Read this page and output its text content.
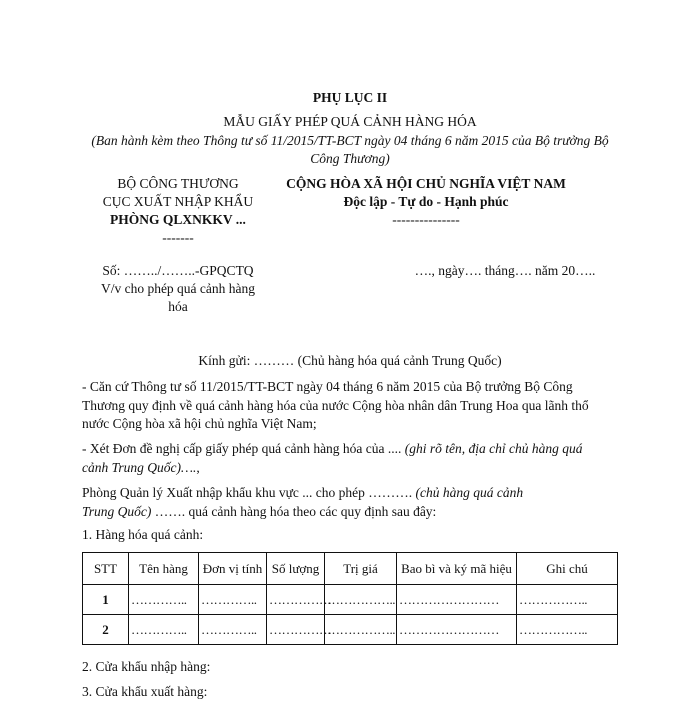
PHỤ LỤC II
MẪU GIẤY PHÉP QUÁ CẢNH HÀNG HÓA
(Ban hành kèm theo Thông tư số 11/2015/TT-BCT ngày 04 tháng 6 năm 2015 của Bộ trưởng Bộ
Công Thương)
BỘ CÔNG THƯƠNG
CỤC XUẤT NHẬP KHẨU
PHÒNG QLXNKKV ...
-------
CỘNG HÒA XÃ HỘI CHỦ NGHĨA VIỆT NAM
Độc lập - Tự do - Hạnh phúc
---------------
Số: ……../……..-GPQCTQ
V/v cho phép quá cảnh hàng
hóa
…., ngày…. tháng…. năm 20…..
Kính gửi: ……… (Chủ hàng hóa quá cảnh Trung Quốc)
- Căn cứ Thông tư số 11/2015/TT-BCT ngày 04 tháng 6 năm 2015 của Bộ trưởng Bộ Công
Thương quy định về quá cảnh hàng hóa của nước Cộng hòa nhân dân Trung Hoa qua lãnh thổ
nước Cộng hòa xã hội chủ nghĩa Việt Nam;
- Xét Đơn đề nghị cấp giấy phép quá cảnh hàng hóa của .... (ghi rõ tên, địa chỉ chủ hàng quá
cảnh Trung Quốc)….,
Phòng Quản lý Xuất nhập khẩu khu vực ... cho phép ………. (chủ hàng quá cảnh
Trung Quốc) ……. quá cảnh hàng hóa theo các quy định sau đây:
1. Hàng hóa quá cảnh:
STT	Tên hàng	Đơn vị tính	Số lượng	Trị giá	Bao bì và ký mã hiệu	Ghi chú
1	…………..	…………..	……………	……………..	……………………	……………..
2	…………..	…………..	……………	……………..	……………………	……………..
2. Cửa khẩu nhập hàng:
3. Cửa khẩu xuất hàng:
